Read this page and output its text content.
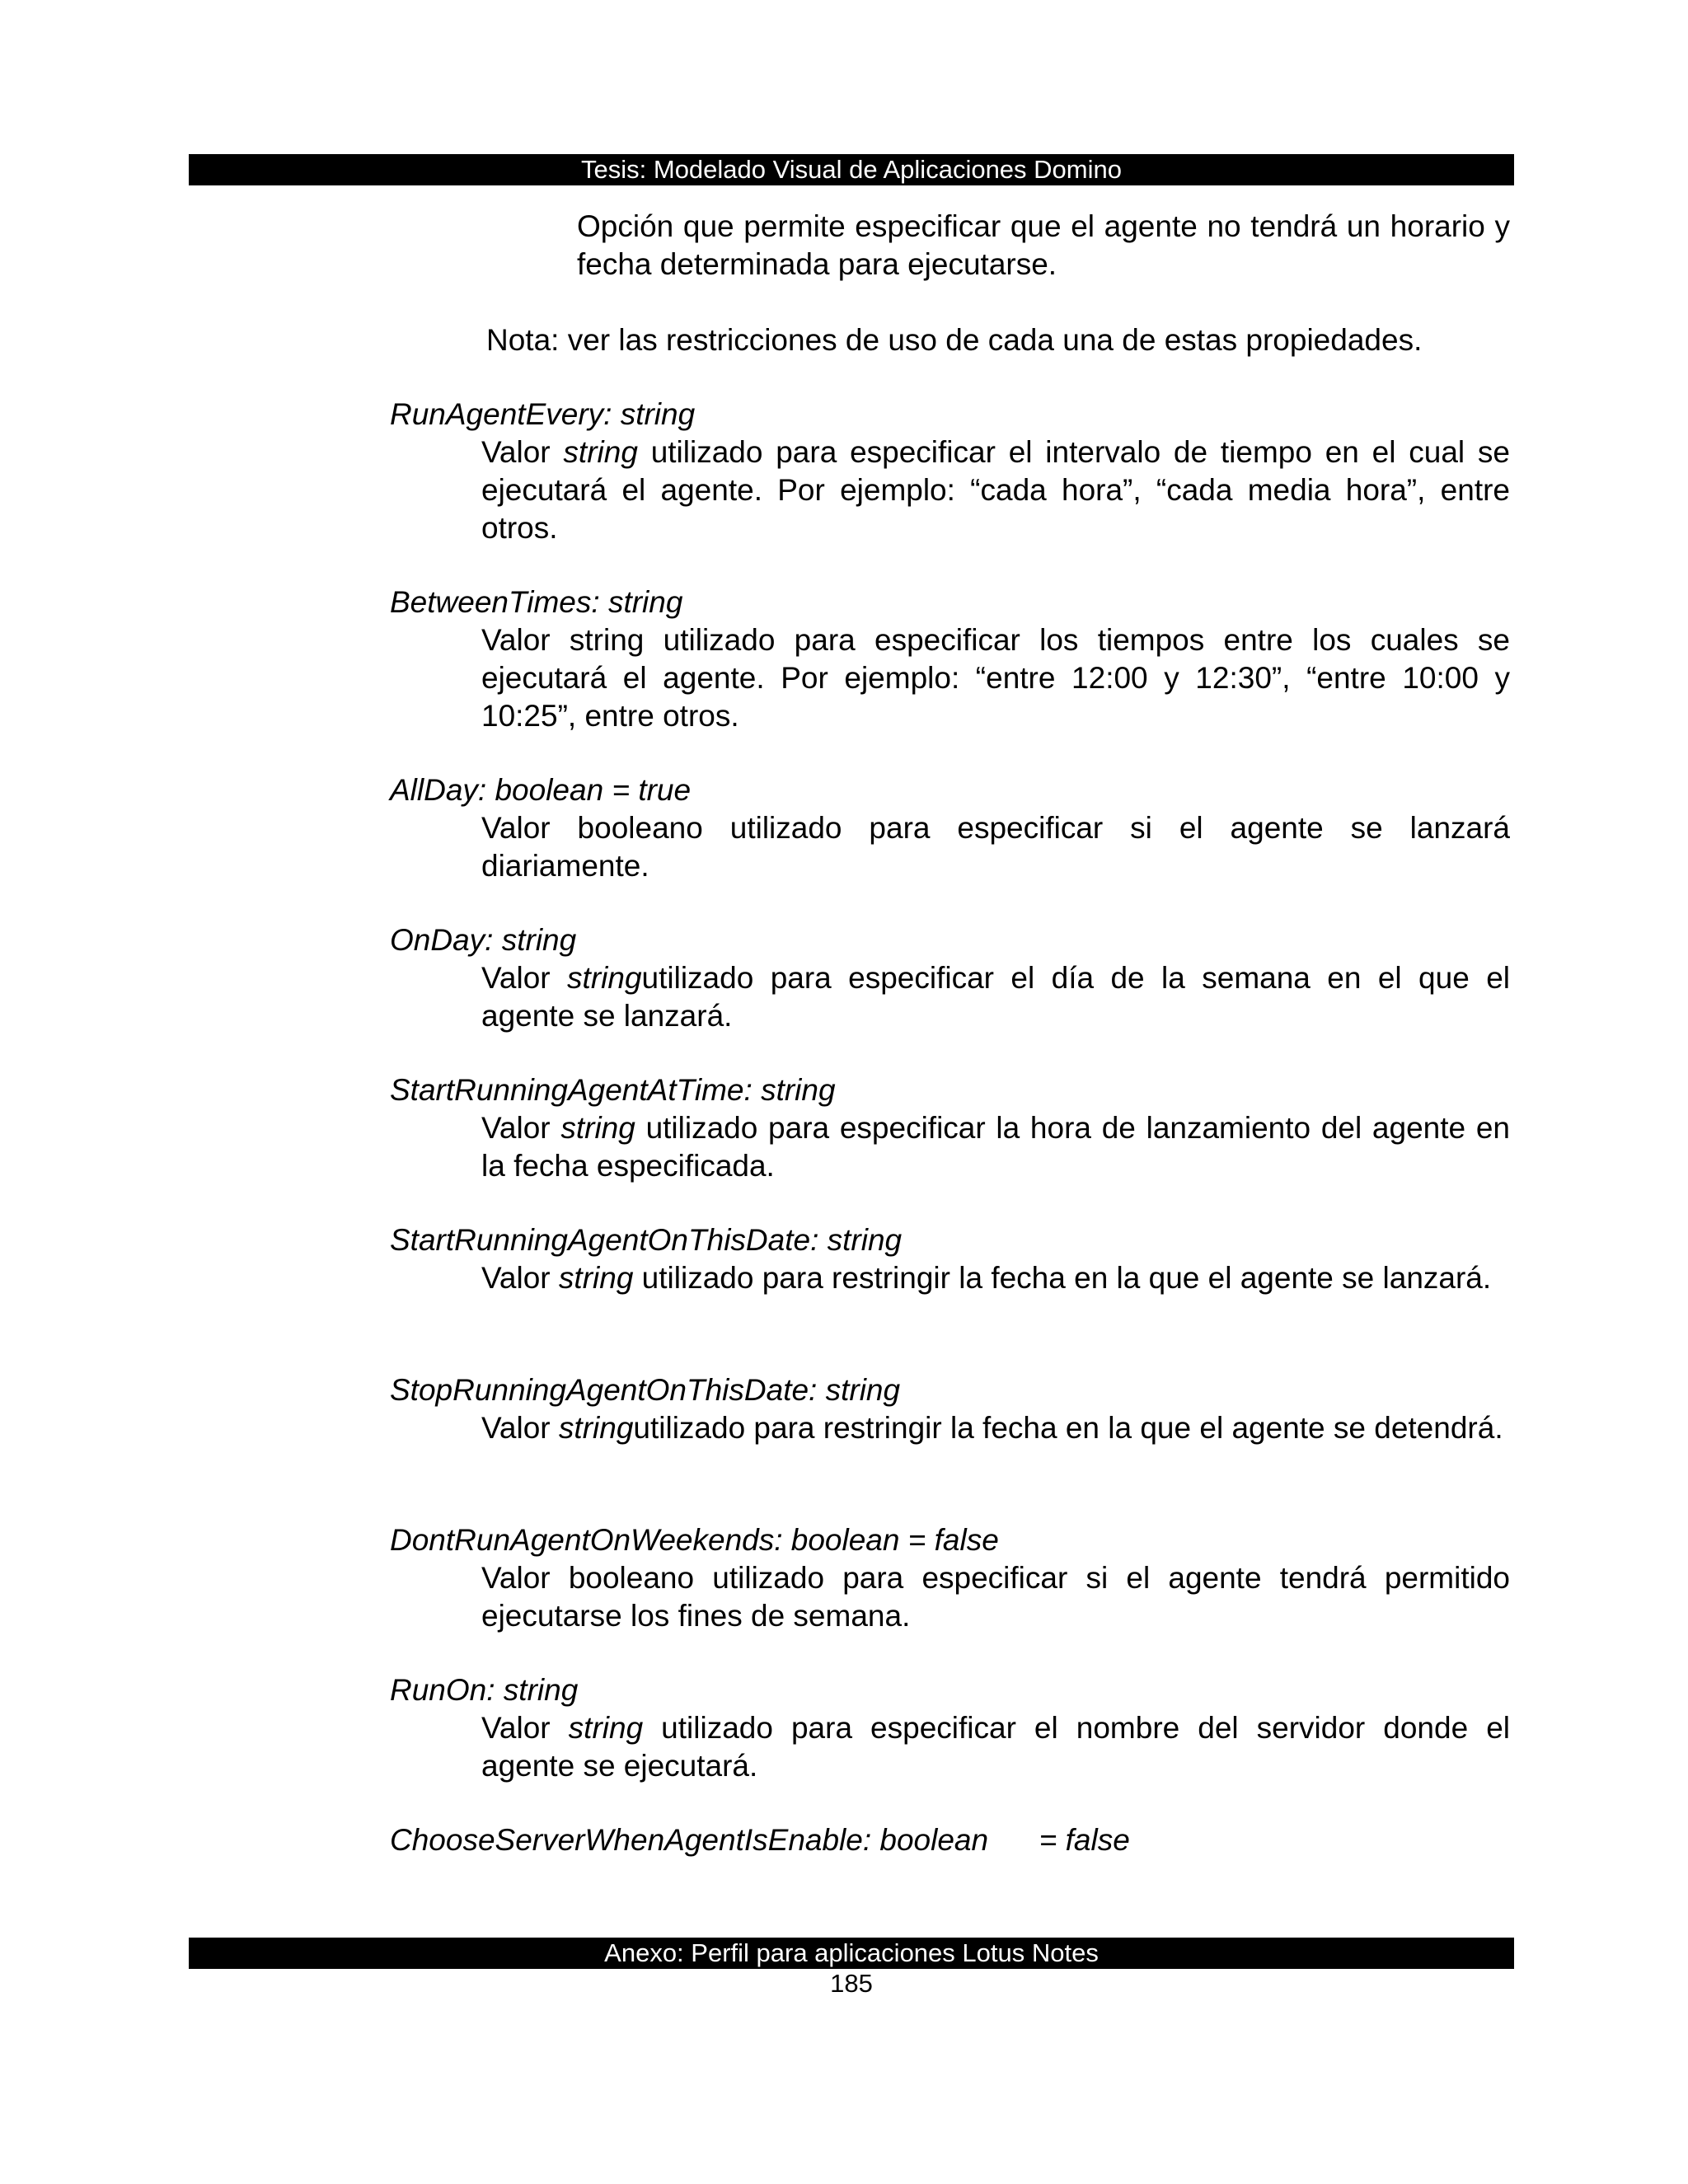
Tesis: Modelado Visual de Aplicaciones Domino

Opción que permite especificar que el agente no tendrá un horario y fecha determinada para ejecutarse.

Nota: ver las restricciones de uso de cada una de estas propiedades.

RunAgentEvery: string

Valor string utilizado para especificar el intervalo de tiempo en el cual se ejecutará el agente. Por ejemplo: “cada hora”, “cada media hora”, entre otros.

BetweenTimes: string

Valor string utilizado para especificar los tiempos entre los cuales se ejecutará el agente. Por ejemplo: “entre 12:00 y 12:30”, “entre 10:00 y 10:25”, entre otros.

AllDay: boolean = true

Valor booleano utilizado para especificar si el agente se lanzará diariamente.

OnDay: string

Valor stringutilizado para especificar el día de la semana en el que el agente se lanzará.

StartRunningAgentAtTime: string

Valor string utilizado para especificar la hora de lanzamiento del agente en la fecha especificada.

StartRunningAgentOnThisDate: string

Valor string utilizado para restringir la fecha en la que el agente se lanzará.

StopRunningAgentOnThisDate: string

Valor stringutilizado para restringir la fecha en la que el agente se detendrá.

DontRunAgentOnWeekends: boolean = false

Valor booleano utilizado para especificar si el agente tendrá permitido ejecutarse los fines de semana.

RunOn: string

Valor string utilizado para especificar el nombre del servidor donde el agente se ejecutará.

ChooseServerWhenAgentIsEnable: boolean      = false

Anexo: Perfil para aplicaciones Lotus Notes
185
